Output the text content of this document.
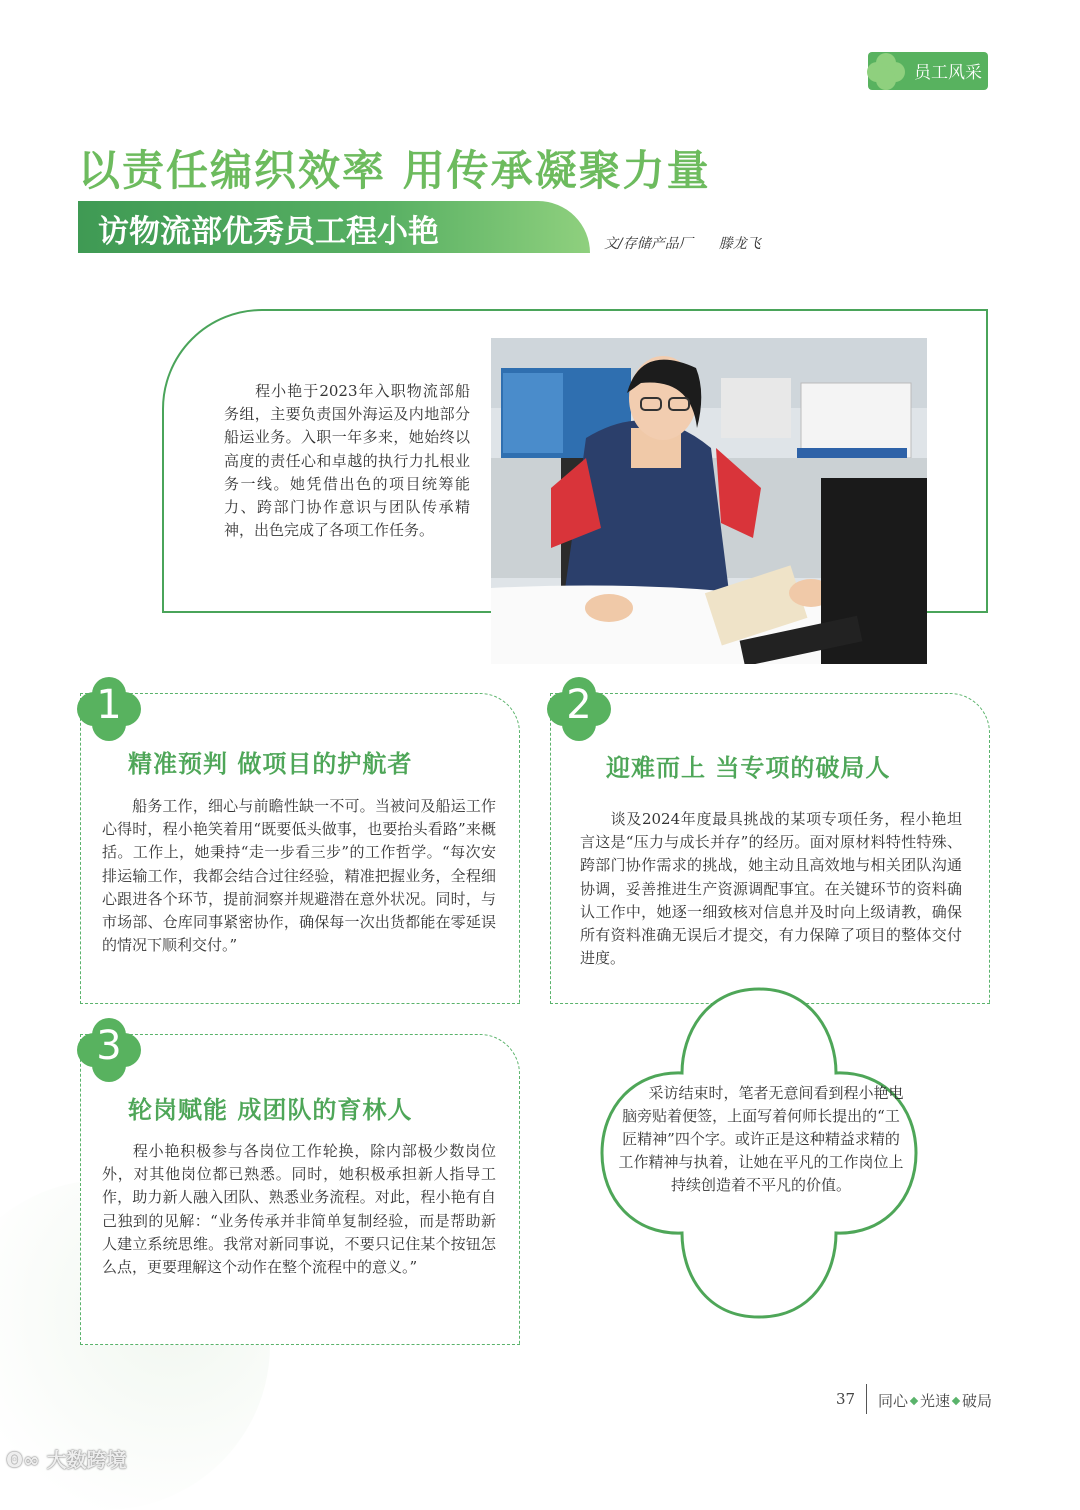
员工风采
以责任编织效率 用传承凝聚力量
访物流部优秀员工程小艳	文/存储产品厂 滕龙飞
程小艳于2023年入职物流部船务组，主要负责国外海运及内地部分船运业务。入职一年多来，她始终以高度的责任心和卓越的执行力扎根业务一线。她凭借出色的项目统筹能力、跨部门协作意识与团队传承精神，出色完成了各项工作任务。
1
精准预判 做项目的护航者
船务工作，细心与前瞻性缺一不可。当被问及船运工作心得时，程小艳笑着用“既要低头做事，也要抬头看路”来概括。工作上，她秉持“走一步看三步”的工作哲学。“每次安排运输工作，我都会结合过往经验，精准把握业务，全程细心跟进各个环节，提前洞察并规避潜在意外状况。同时，与市场部、仓库同事紧密协作，确保每一次出货都能在零延误的情况下顺利交付。”
2
迎难而上 当专项的破局人
谈及2024年度最具挑战的某项专项任务，程小艳坦言这是“压力与成长并存”的经历。面对原材料特性特殊、跨部门协作需求的挑战，她主动且高效地与相关团队沟通协调，妥善推进生产资源调配事宜。在关键环节的资料确认工作中，她逐一细致核对信息并及时向上级请教，确保所有资料准确无误后才提交，有力保障了项目的整体交付进度。
3
轮岗赋能 成团队的育林人
程小艳积极参与各岗位工作轮换，除内部极少数岗位外，对其他岗位都已熟悉。同时，她积极承担新人指导工作，助力新人融入团队、熟悉业务流程。对此，程小艳有自己独到的见解：“业务传承并非简单复制经验，而是帮助新人建立系统思维。我常对新同事说，不要只记住某个按钮怎么点，更要理解这个动作在整个流程中的意义。”
采访结束时，笔者无意间看到程小艳电脑旁贴着便签，上面写着何师长提出的“工匠精神”四个字。或许正是这种精益求精的工作精神与执着，让她在平凡的工作岗位上持续创造着不平凡的价值。
37 同心 光速 破局
ʘ∞ 大数跨境
